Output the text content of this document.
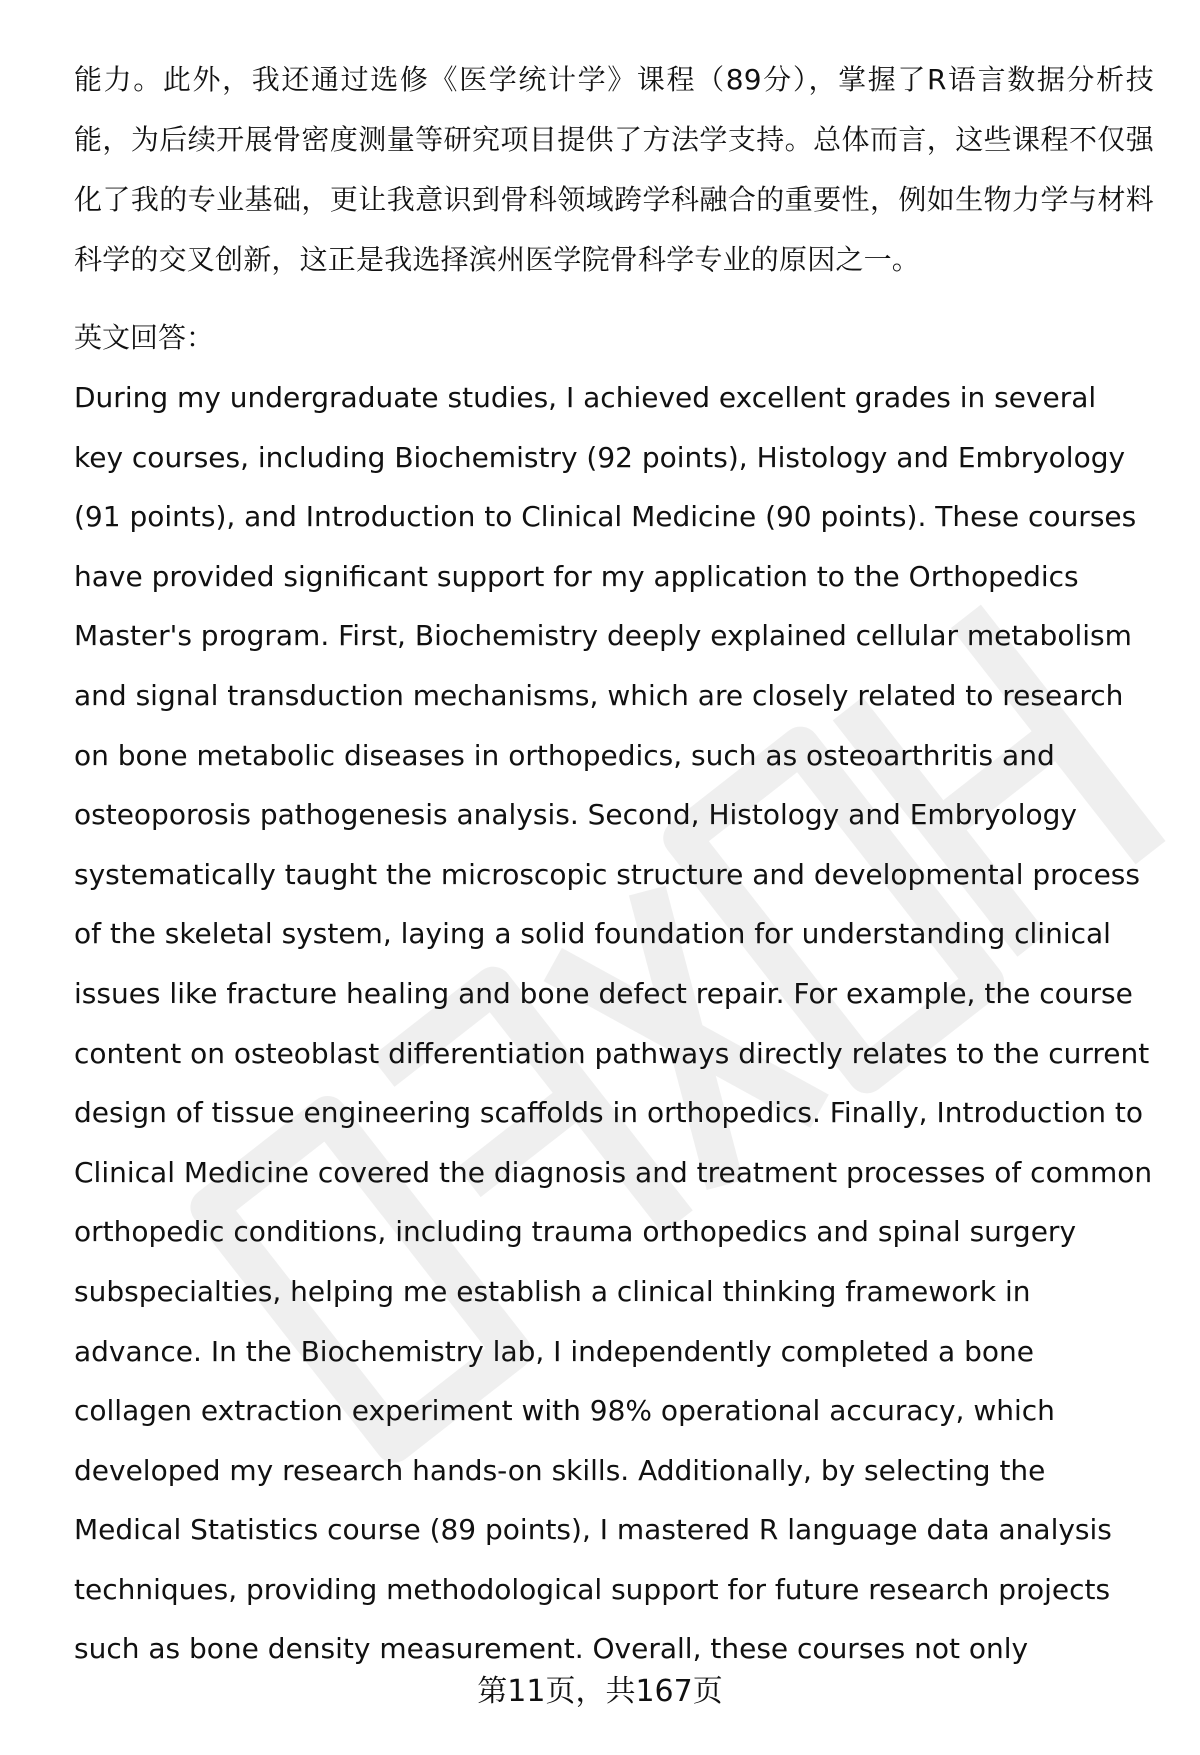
能力。此外，我还通过选修《医学统计学》课程（89分），掌握了R语言数据分析技能，为后续开展骨密度测量等研究项目提供了方法学支持。总体而言，这些课程不仅强化了我的专业基础，更让我意识到骨科领域跨学科融合的重要性，例如生物力学与材料科学的交叉创新，这正是我选择滨州医学院骨科学专业的原因之一。

英文回答：

During my undergraduate studies, I achieved excellent grades in several key courses, including Biochemistry (92 points), Histology and Embryology (91 points), and Introduction to Clinical Medicine (90 points). These courses have provided significant support for my application to the Orthopedics Master's program. First, Biochemistry deeply explained cellular metabolism and signal transduction mechanisms, which are closely related to research on bone metabolic diseases in orthopedics, such as osteoarthritis and osteoporosis pathogenesis analysis. Second, Histology and Embryology systematically taught the microscopic structure and developmental process of the skeletal system, laying a solid foundation for understanding clinical issues like fracture healing and bone defect repair. For example, the course content on osteoblast differentiation pathways directly relates to the current design of tissue engineering scaffolds in orthopedics. Finally, Introduction to Clinical Medicine covered the diagnosis and treatment processes of common orthopedic conditions, including trauma orthopedics and spinal surgery subspecialties, helping me establish a clinical thinking framework in advance. In the Biochemistry lab, I independently completed a bone collagen extraction experiment with 98% operational accuracy, which developed my research hands-on skills. Additionally, by selecting the Medical Statistics course (89 points), I mastered R language data analysis techniques, providing methodological support for future research projects such as bone density measurement. Overall, these courses not only

第11页，共167页
